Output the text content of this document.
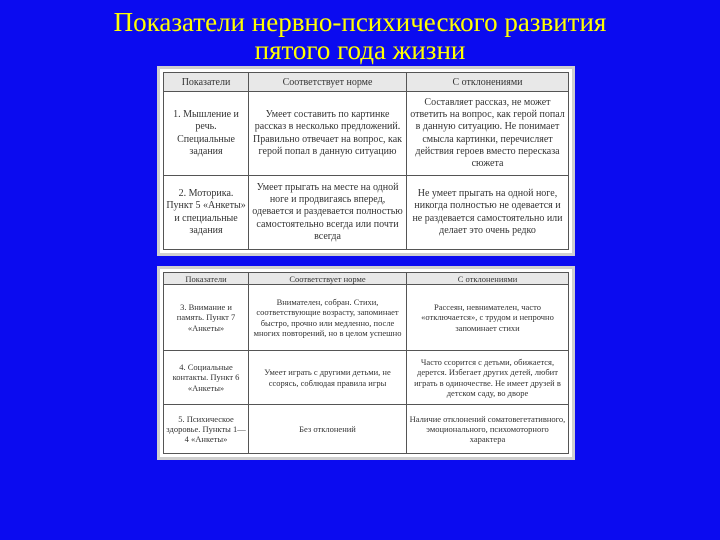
Показатели нервно-психического развития
пятого года жизни
Показатели	Соответствует норме	С отклонениями
1. Мышление и речь. Специальные задания	Умеет составить по картинке рассказ в несколько предложений. Правильно отвечает на вопрос, как герой попал в данную ситуацию	Составляет рассказ, не может ответить на вопрос, как герой попал в данную ситуацию. Не понимает смысла картинки, перечисляет действия героев вместо пересказа сюжета
2. Моторика. Пункт 5 «Анкеты» и специальные задания	Умеет прыгать на месте на одной ноге и продвигаясь вперед, одевается и раздевается полностью самостоятельно всегда или почти всегда	Не умеет прыгать на одной ноге, никогда полностью не одевается и не раздевается самостоятельно или делает это очень редко
Показатели	Соответствует норме	С отклонениями
3. Внимание и память. Пункт 7 «Анкеты»	Внимателен, собран. Стихи, соответствующие возрасту, запоминает быстро, прочно или медленно, после многих повторений, но в целом успешно	Рассеян, невнимателен, часто «отключается», с трудом и непрочно запоминает стихи
4. Социальные контакты. Пункт 6 «Анкеты»	Умеет играть с другими детьми, не ссорясь, соблюдая правила игры	Часто ссорится с детьми, обижается, дерется. Избегает других детей, любит играть в одиночестве. Не имеет друзей в детском саду, во дворе
5. Психическое здоровье. Пункты 1—4 «Анкеты»	Без отклонений	Наличие отклонений соматовегетативного, эмоционального, психомоторного характера
